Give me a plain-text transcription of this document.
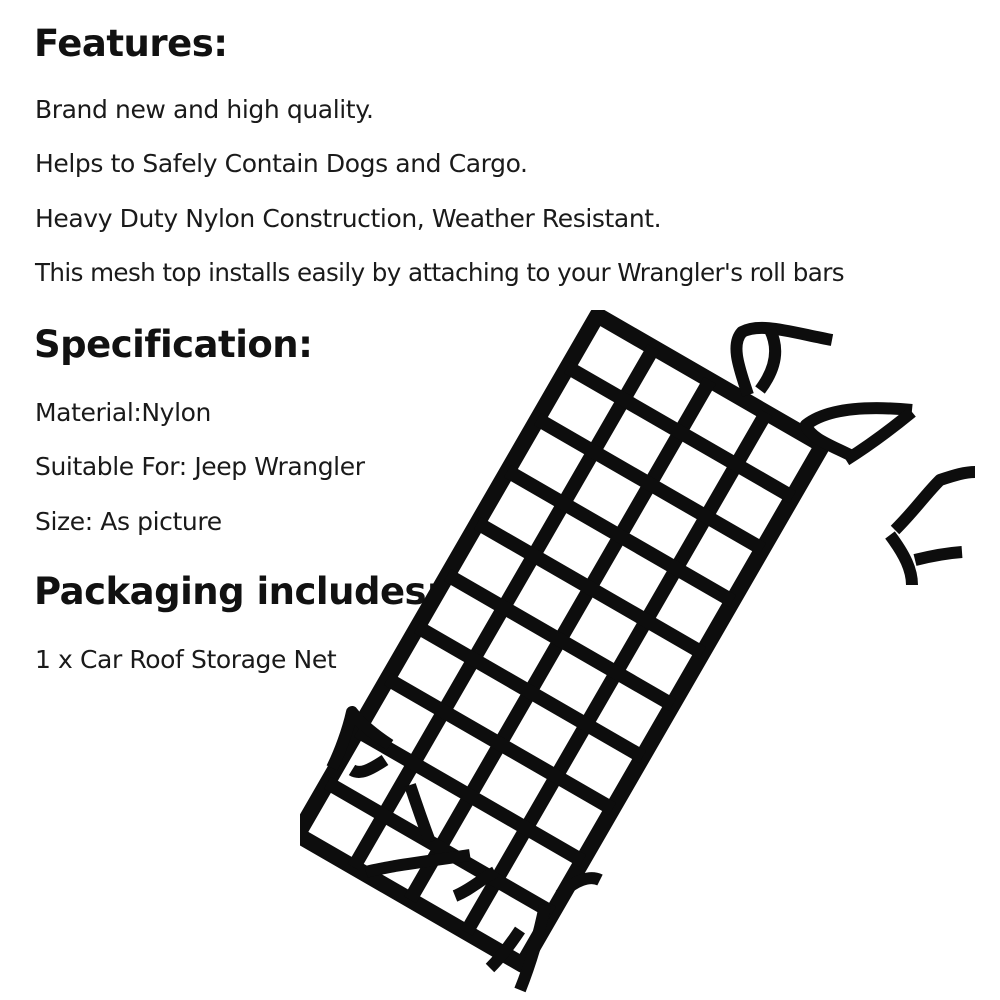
Features:

Brand new and high quality.

Helps to Safely Contain Dogs and Cargo.

Heavy Duty Nylon Construction, Weather Resistant.

This mesh top installs easily by attaching to your Wrangler's roll bars

Specification:

Material:Nylon

Suitable For: Jeep Wrangler

Size: As picture

Packaging includes:

1 x Car Roof Storage Net
